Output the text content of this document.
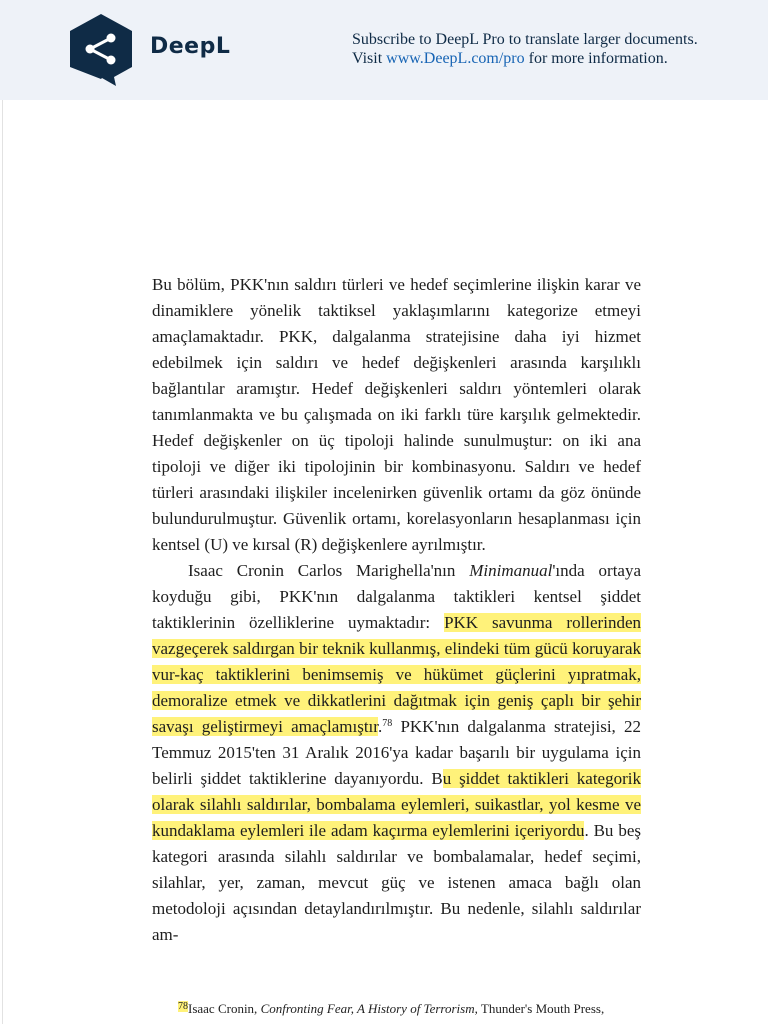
DeepL	Subscribe to DeepL Pro to translate larger documents.
Visit www.DeepL.com/pro for more information.

Bu bölüm, PKK'nın saldırı türleri ve hedef seçimlerine ilişkin karar ve dinamiklere yönelik taktiksel yaklaşımlarını kategorize etmeyi amaçlamaktadır. PKK, dalgalanma stratejisine daha iyi hizmet edebilmek için saldırı ve hedef değişkenleri arasında karşılıklı bağlantılar aramıştır. Hedef değişkenleri saldırı yöntemleri olarak tanımlanmakta ve bu çalışmada on iki farklı türe karşılık gelmektedir. Hedef değişkenler on üç tipoloji halinde sunulmuştur: on iki ana tipoloji ve diğer iki tipolojinin bir kombinasyonu. Saldırı ve hedef türleri arasındaki ilişkiler incelenirken güvenlik ortamı da göz önünde bulundurulmuştur. Güvenlik ortamı, korelasyonların hesaplanması için kentsel (U) ve kırsal (R) değişkenlere ayrılmıştır.

Isaac Cronin Carlos Marighella'nın Minimanual'ında ortaya koyduğu gibi, PKK'nın dalgalanma taktikleri kentsel şiddet taktiklerinin özelliklerine uymaktadır: PKK savunma rollerinden vazgeçerek saldırgan bir teknik kullanmış, elindeki tüm gücü koruyarak vur-kaç taktiklerini benimsemiş ve hükümet güçlerini yıpratmak, demoralize etmek ve dikkatlerini dağıtmak için geniş çaplı bir şehir savaşı geliştirmeyi amaçlamıştır.$^{78}$ PKK'nın dalgalanma stratejisi, 22 Temmuz 2015'ten 31 Aralık 2016'ya kadar başarılı bir uygulama için belirli şiddet taktiklerine dayanıyordu. Bu şiddet taktikleri kategorik olarak silahlı saldırılar, bombalama eylemleri, suikastlar, yol kesme ve kundaklama eylemleri ile adam kaçırma eylemlerini içeriyordu. Bu beş kategori arasında silahlı saldırılar ve bombalamalar, hedef seçimi, silahlar, yer, zaman, mevcut güç ve istenen amaca bağlı olan metodoloji açısından detaylandırılmıştır. Bu nedenle, silahlı saldırılar am-

$^{78}$Isaac Cronin, Confronting Fear, A History of Terrorism, Thunder's Mouth Press,
